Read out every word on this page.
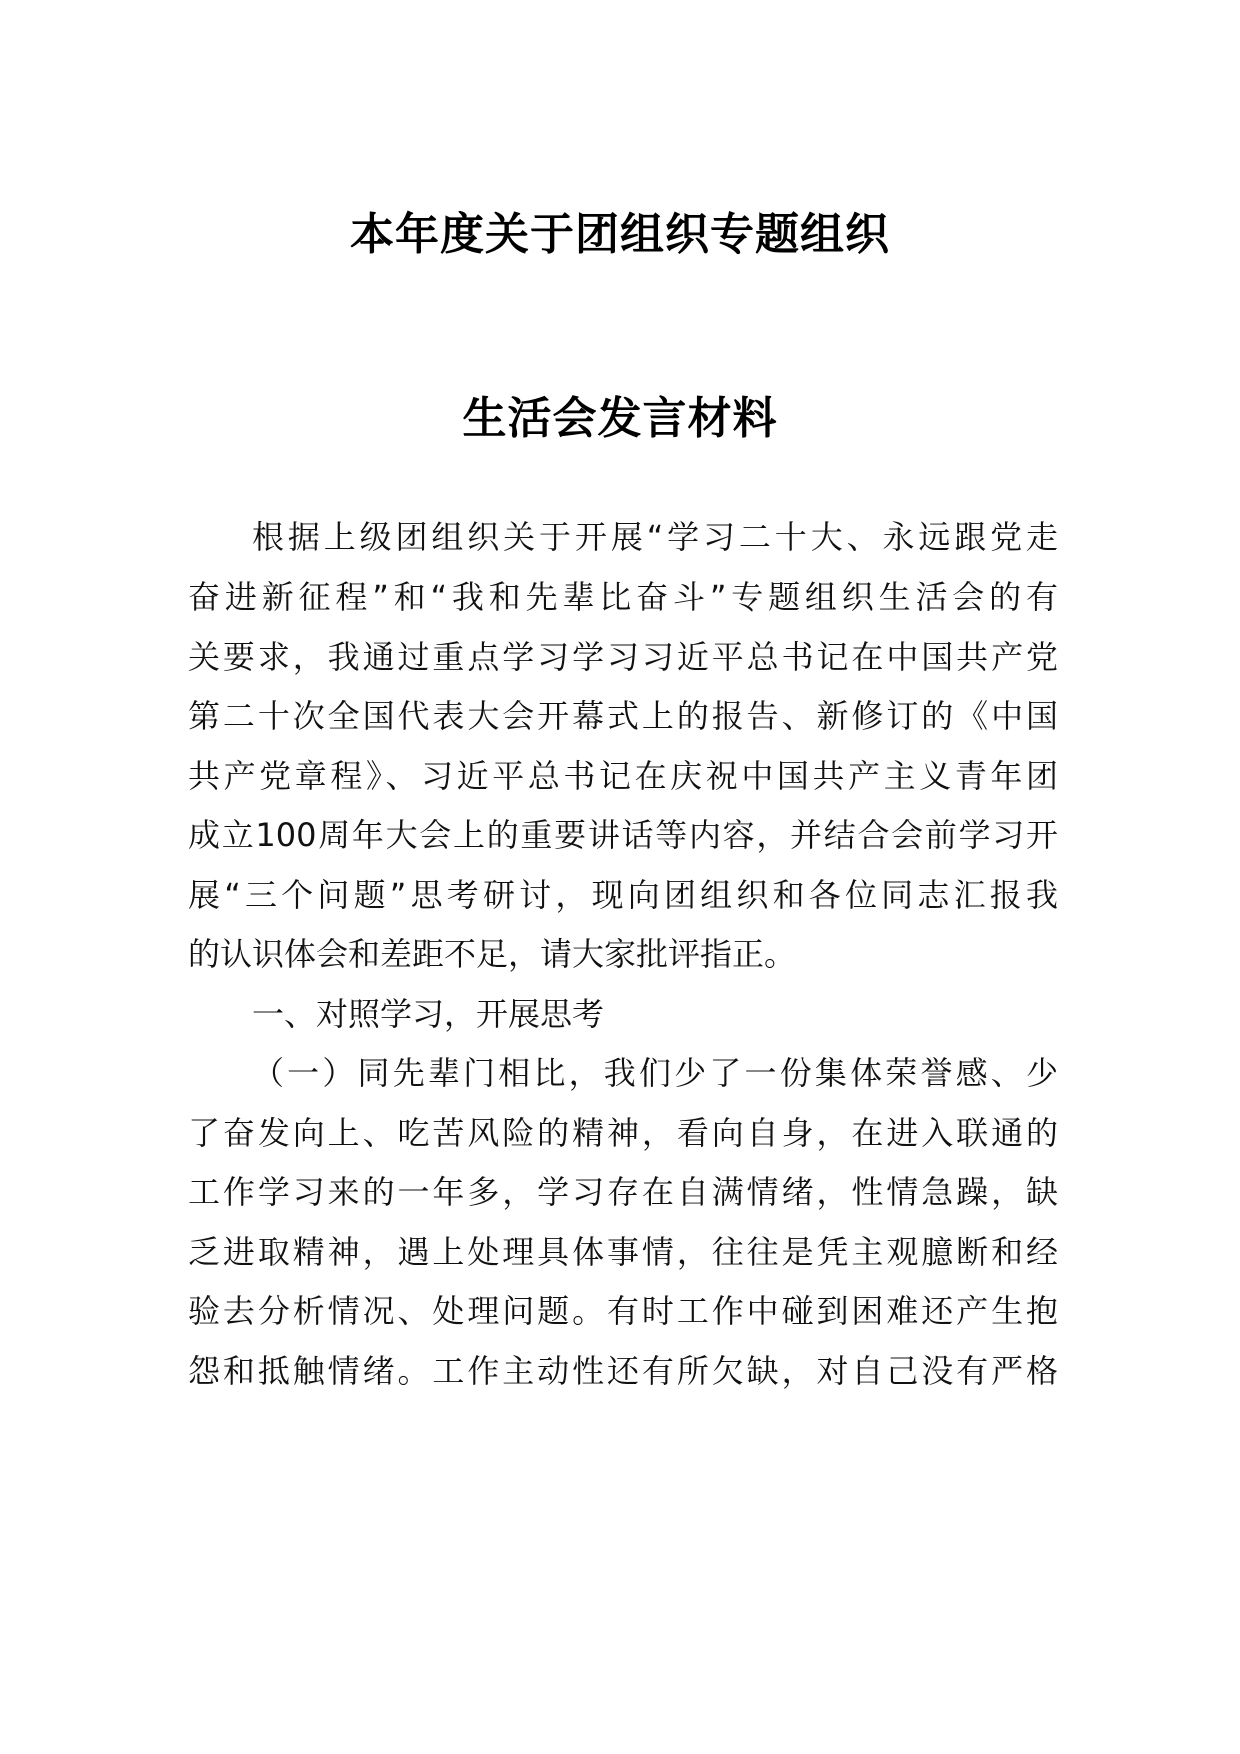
本年度关于团组织专题组织
生活会发言材料
根据上级团组织关于开展“学习二十大、永远跟党走
奋进新征程”和“我和先辈比奋斗”专题组织生活会的有
关要求，我通过重点学习学习习近平总书记在中国共产党
第二十次全国代表大会开幕式上的报告、新修订的《中国
共产党章程》、习近平总书记在庆祝中国共产主义青年团
成立100周年大会上的重要讲话等内容，并结合会前学习开
展“三个问题”思考研讨，现向团组织和各位同志汇报我
的认识体会和差距不足，请大家批评指正。
一、对照学习，开展思考
（一）同先辈门相比，我们少了一份集体荣誉感、少
了奋发向上、吃苦风险的精神，看向自身，在进入联通的
工作学习来的一年多，学习存在自满情绪，性情急躁，缺
乏进取精神，遇上处理具体事情，往往是凭主观臆断和经
验去分析情况、处理问题。有时工作中碰到困难还产生抱
怨和抵触情绪。工作主动性还有所欠缺，对自己没有严格
